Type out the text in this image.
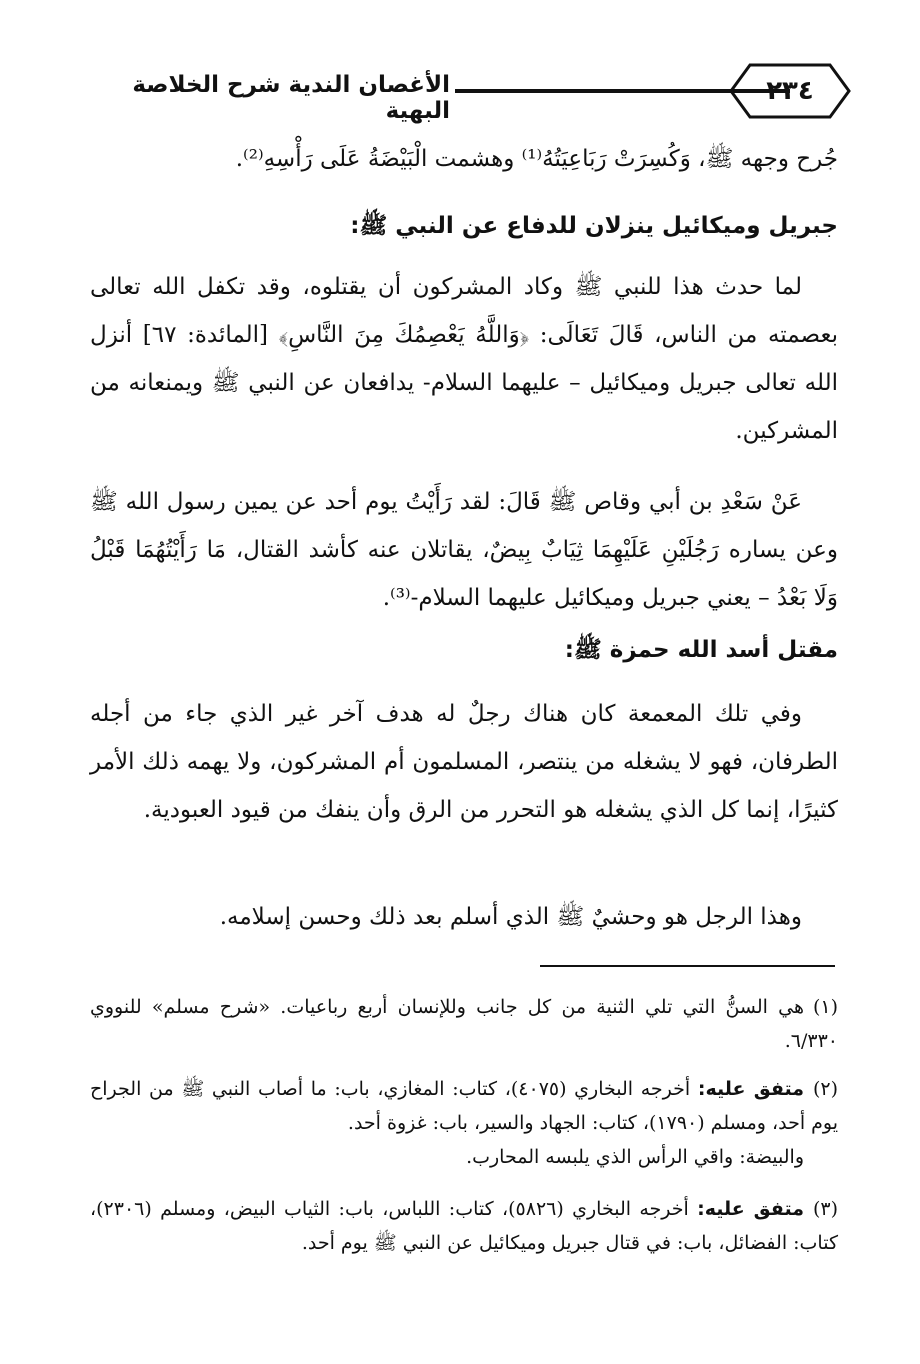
الأغصان الندية شرح الخلاصة البهية
٢٣٤
جُرح وجهه ﷺ، وَكُسِرَتْ رَبَاعِيَتُهُ⁽¹⁾ وهشمت الْبَيْضَةُ عَلَى رَأْسِهِ⁽²⁾.
جبريل وميكائيل ينزلان للدفاع عن النبي ﷺ:
لما حدث هذا للنبي ﷺ وكاد المشركون أن يقتلوه، وقد تكفل الله تعالى بعصمته من الناس، قَالَ تَعَالَى: ﴿وَاللَّهُ يَعْصِمُكَ مِنَ النَّاسِ﴾ [المائدة: ٦٧] أنزل الله تعالى جبريل وميكائيل – عليهما السلام- يدافعان عن النبي ﷺ ويمنعانه من المشركين.
عَنْ سَعْدِ بن أبي وقاص ﷺ قَالَ: لقد رَأَيْتُ يوم أحد عن يمين رسول الله ﷺ وعن يساره رَجُلَيْنِ عَلَيْهِمَا ثِيَابٌ بِيضٌ، يقاتلان عنه كأشد القتال، مَا رَأَيْتُهُمَا قَبْلُ وَلَا بَعْدُ – يعني جبريل وميكائيل عليهما السلام-⁽³⁾.
مقتل أسد الله حمزة ﷺ:
وفي تلك المعمعة كان هناك رجلٌ له هدف آخر غير الذي جاء من أجله الطرفان، فهو لا يشغله من ينتصر، المسلمون أم المشركون، ولا يهمه ذلك الأمر كثيرًا، إنما كل الذي يشغله هو التحرر من الرق وأن ينفك من قيود العبودية.
وهذا الرجل هو وحشيٌ ﷺ الذي أسلم بعد ذلك وحسن إسلامه.
(١)هي السنُّ التي تلي الثنية من كل جانب وللإنسان أربع رباعيات. «شرح مسلم» للنووي ٦/٣٣٠.
(٢)متفق عليه: أخرجه البخاري (٤٠٧٥)، كتاب: المغازي، باب: ما أصاب النبي ﷺ من الجراح يوم أحد، ومسلم (١٧٩٠)، كتاب: الجهاد والسير، باب: غزوة أحد.
والبيضة: واقي الرأس الذي يلبسه المحارب.
(٣)متفق عليه: أخرجه البخاري (٥٨٢٦)، كتاب: اللباس، باب: الثياب البيض، ومسلم (٢٣٠٦)، كتاب: الفضائل، باب: في قتال جبريل وميكائيل عن النبي ﷺ يوم أحد.
